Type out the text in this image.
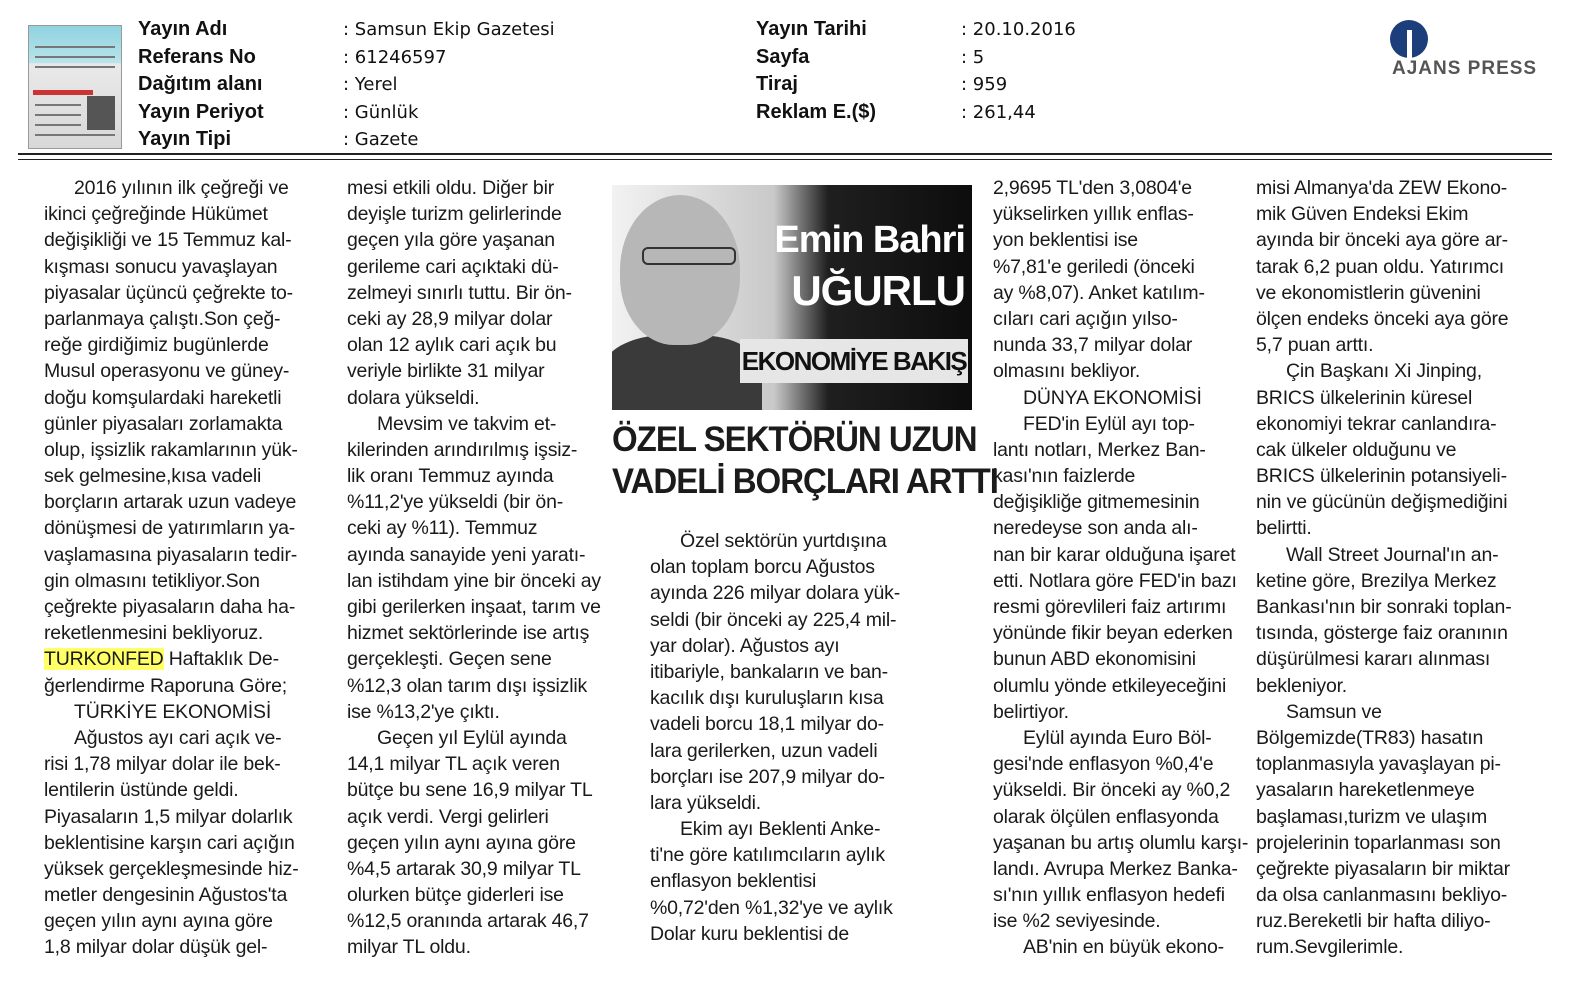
Yayın Adı	: Samsun Ekip Gazetesi
Referans No	: 61246597
Dağıtım alanı	: Yerel
Yayın Periyot	: Günlük
Yayın Tipi	: Gazete
Yayın Tarihi	: 20.10.2016
Sayfa	: 5
Tiraj	: 959
Reklam E.($)	: 261,44
AJANS PRESS
2016 yılının ilk çeğreği ve
ikinci çeğreğinde Hükümet
değişikliği ve 15 Temmuz kal-
kışması sonucu yavaşlayan
piyasalar üçüncü çeğrekte to-
parlanmaya çalıştı.Son çeğ-
reğe girdiğimiz bugünlerde
Musul operasyonu ve güney-
doğu komşulardaki hareketli
günler piyasaları zorlamakta
olup, işsizlik rakamlarının yük-
sek gelmesine,kısa vadeli
borçların artarak uzun vadeye
dönüşmesi de yatırımların ya-
vaşlamasına piyasaların tedir-
gin olmasını tetikliyor.Son
çeğrekte piyasaların daha ha-
reketlenmesini bekliyoruz.
TURKONFED Haftaklık De-
ğerlendirme Raporuna Göre;
TÜRKİYE EKONOMİSİ
Ağustos ayı cari açık ve-
risi 1,78 milyar dolar ile bek-
lentilerin üstünde geldi.
Piyasaların 1,5 milyar dolarlık
beklentisine karşın cari açığın
yüksek gerçekleşmesinde hiz-
metler dengesinin Ağustos'ta
geçen yılın aynı ayına göre
1,8 milyar dolar düşük gel-
mesi etkili oldu. Diğer bir
deyişle turizm gelirlerinde
geçen yıla göre yaşanan
gerileme cari açıktaki dü-
zelmeyi sınırlı tuttu. Bir ön-
ceki ay 28,9 milyar dolar
olan 12 aylık cari açık bu
veriyle birlikte 31 milyar
dolara yükseldi.
Mevsim ve takvim et-
kilerinden arındırılmış işsiz-
lik oranı Temmuz ayında
%11,2'ye yükseldi (bir ön-
ceki ay %11). Temmuz
ayında sanayide yeni yaratı-
lan istihdam yine bir önceki ay
gibi gerilerken inşaat, tarım ve
hizmet sektörlerinde ise artış
gerçekleşti. Geçen sene
%12,3 olan tarım dışı işsizlik
ise %13,2'ye çıktı.
Geçen yıl Eylül ayında
14,1 milyar TL açık veren
bütçe bu sene 16,9 milyar TL
açık verdi. Vergi gelirleri
geçen yılın aynı ayına göre
%4,5 artarak 30,9 milyar TL
olurken bütçe giderleri ise
%12,5 oranında artarak 46,7
milyar TL oldu.
Emin Bahri
UĞURLU
EKONOMİYE BAKIŞ
ÖZEL SEKTÖRÜN UZUN
VADELİ BORÇLARI ARTTI
Özel sektörün yurtdışına
olan toplam borcu Ağustos
ayında 226 milyar dolara yük-
seldi (bir önceki ay 225,4 mil-
yar dolar). Ağustos ayı
itibariyle, bankaların ve ban-
kacılık dışı kuruluşların kısa
vadeli borcu 18,1 milyar do-
lara gerilerken, uzun vadeli
borçları ise 207,9 milyar do-
lara yükseldi.
Ekim ayı Beklenti Anke-
ti'ne göre katılımcıların aylık
enflasyon beklentisi
%0,72'den %1,32'ye ve aylık
Dolar kuru beklentisi de
2,9695 TL'den 3,0804'e
yükselirken yıllık enflas-
yon beklentisi ise
%7,81'e geriledi (önceki
ay %8,07). Anket katılım-
cıları cari açığın yılso-
nunda 33,7 milyar dolar
olmasını bekliyor.
DÜNYA EKONOMİSİ
FED'in Eylül ayı top-
lantı notları, Merkez Ban-
kası'nın faizlerde
değişikliğe gitmemesinin
neredeyse son anda alı-
nan bir karar olduğuna işaret
etti. Notlara göre FED'in bazı
resmi görevlileri faiz artırımı
yönünde fikir beyan ederken
bunun ABD ekonomisini
olumlu yönde etkileyeceğini
belirtiyor.
Eylül ayında Euro Böl-
gesi'nde enflasyon %0,4'e
yükseldi. Bir önceki ay %0,2
olarak ölçülen enflasyonda
yaşanan bu artış olumlu karşı-
landı. Avrupa Merkez Banka-
sı'nın yıllık enflasyon hedefi
ise %2 seviyesinde.
AB'nin en büyük ekono-
misi Almanya'da ZEW Ekono-
mik Güven Endeksi Ekim
ayında bir önceki aya göre ar-
tarak 6,2 puan oldu. Yatırımcı
ve ekonomistlerin güvenini
ölçen endeks önceki aya göre
5,7 puan arttı.
Çin Başkanı Xi Jinping,
BRICS ülkelerinin küresel
ekonomiyi tekrar canlandıra-
cak ülkeler olduğunu ve
BRICS ülkelerinin potansiyeli-
nin ve gücünün değişmediğini
belirtti.
Wall Street Journal'ın an-
ketine göre, Brezilya Merkez
Bankası'nın bir sonraki toplan-
tısında, gösterge faiz oranının
düşürülmesi kararı alınması
bekleniyor.
Samsun ve
Bölgemizde(TR83) hasatın
toplanmasıyla yavaşlayan pi-
yasaların hareketlenmeye
başlaması,turizm ve ulaşım
projelerinin toparlanması son
çeğrekte piyasaların bir miktar
da olsa canlanmasını bekliyo-
ruz.Bereketli bir hafta diliyo-
rum.Sevgilerimle.
